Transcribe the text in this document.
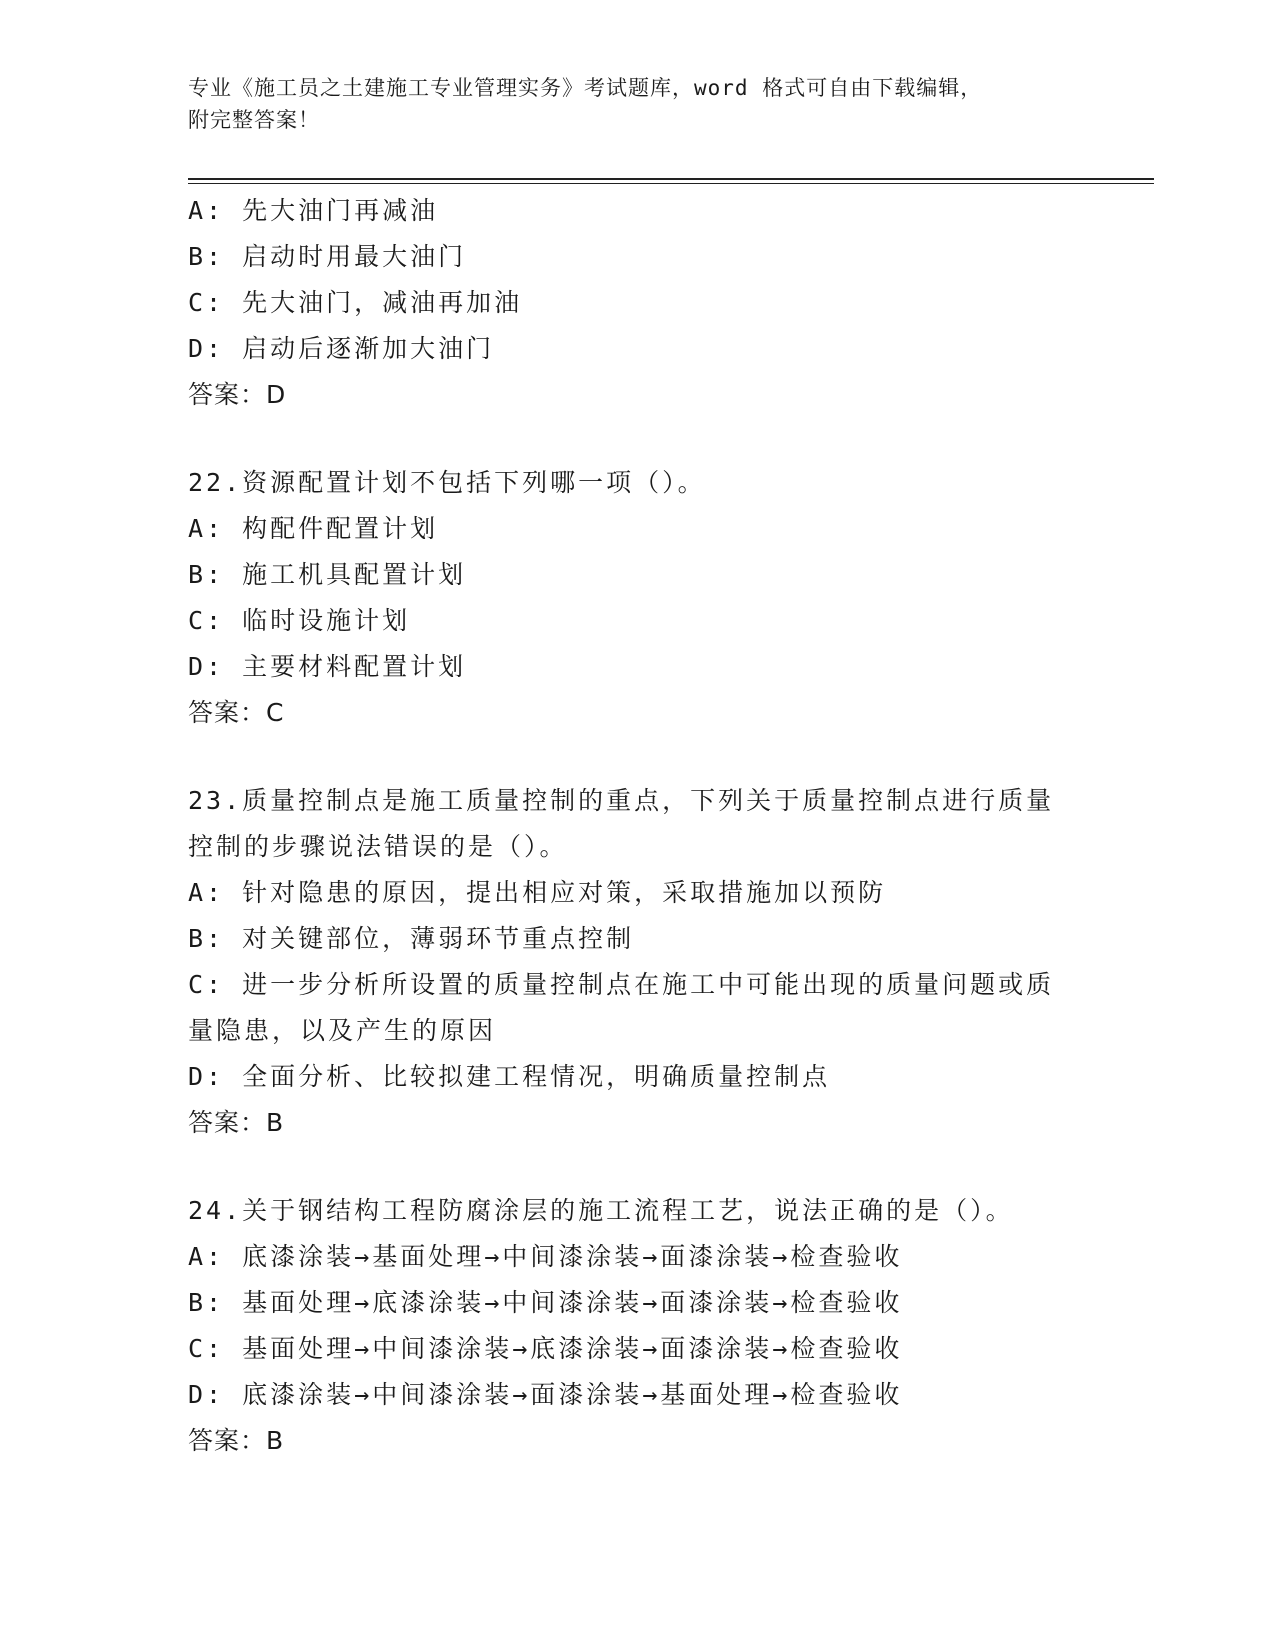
专业《施工员之土建施工专业管理实务》考试题库，word 格式可自由下载编辑，
附完整答案！
A: 先大油门再减油
B: 启动时用最大油门
C: 先大油门，减油再加油
D: 启动后逐渐加大油门
答案：D
22.资源配置计划不包括下列哪一项（）。
A: 构配件配置计划
B: 施工机具配置计划
C: 临时设施计划
D: 主要材料配置计划
答案：C
23.质量控制点是施工质量控制的重点，下列关于质量控制点进行质量
控制的步骤说法错误的是（）。
A: 针对隐患的原因，提出相应对策，采取措施加以预防
B: 对关键部位，薄弱环节重点控制
C: 进一步分析所设置的质量控制点在施工中可能出现的质量问题或质
量隐患，以及产生的原因
D: 全面分析、比较拟建工程情况，明确质量控制点
答案：B
24.关于钢结构工程防腐涂层的施工流程工艺，说法正确的是（）。
A: 底漆涂装→基面处理→中间漆涂装→面漆涂装→检查验收
B: 基面处理→底漆涂装→中间漆涂装→面漆涂装→检查验收
C: 基面处理→中间漆涂装→底漆涂装→面漆涂装→检查验收
D: 底漆涂装→中间漆涂装→面漆涂装→基面处理→检查验收
答案：B
